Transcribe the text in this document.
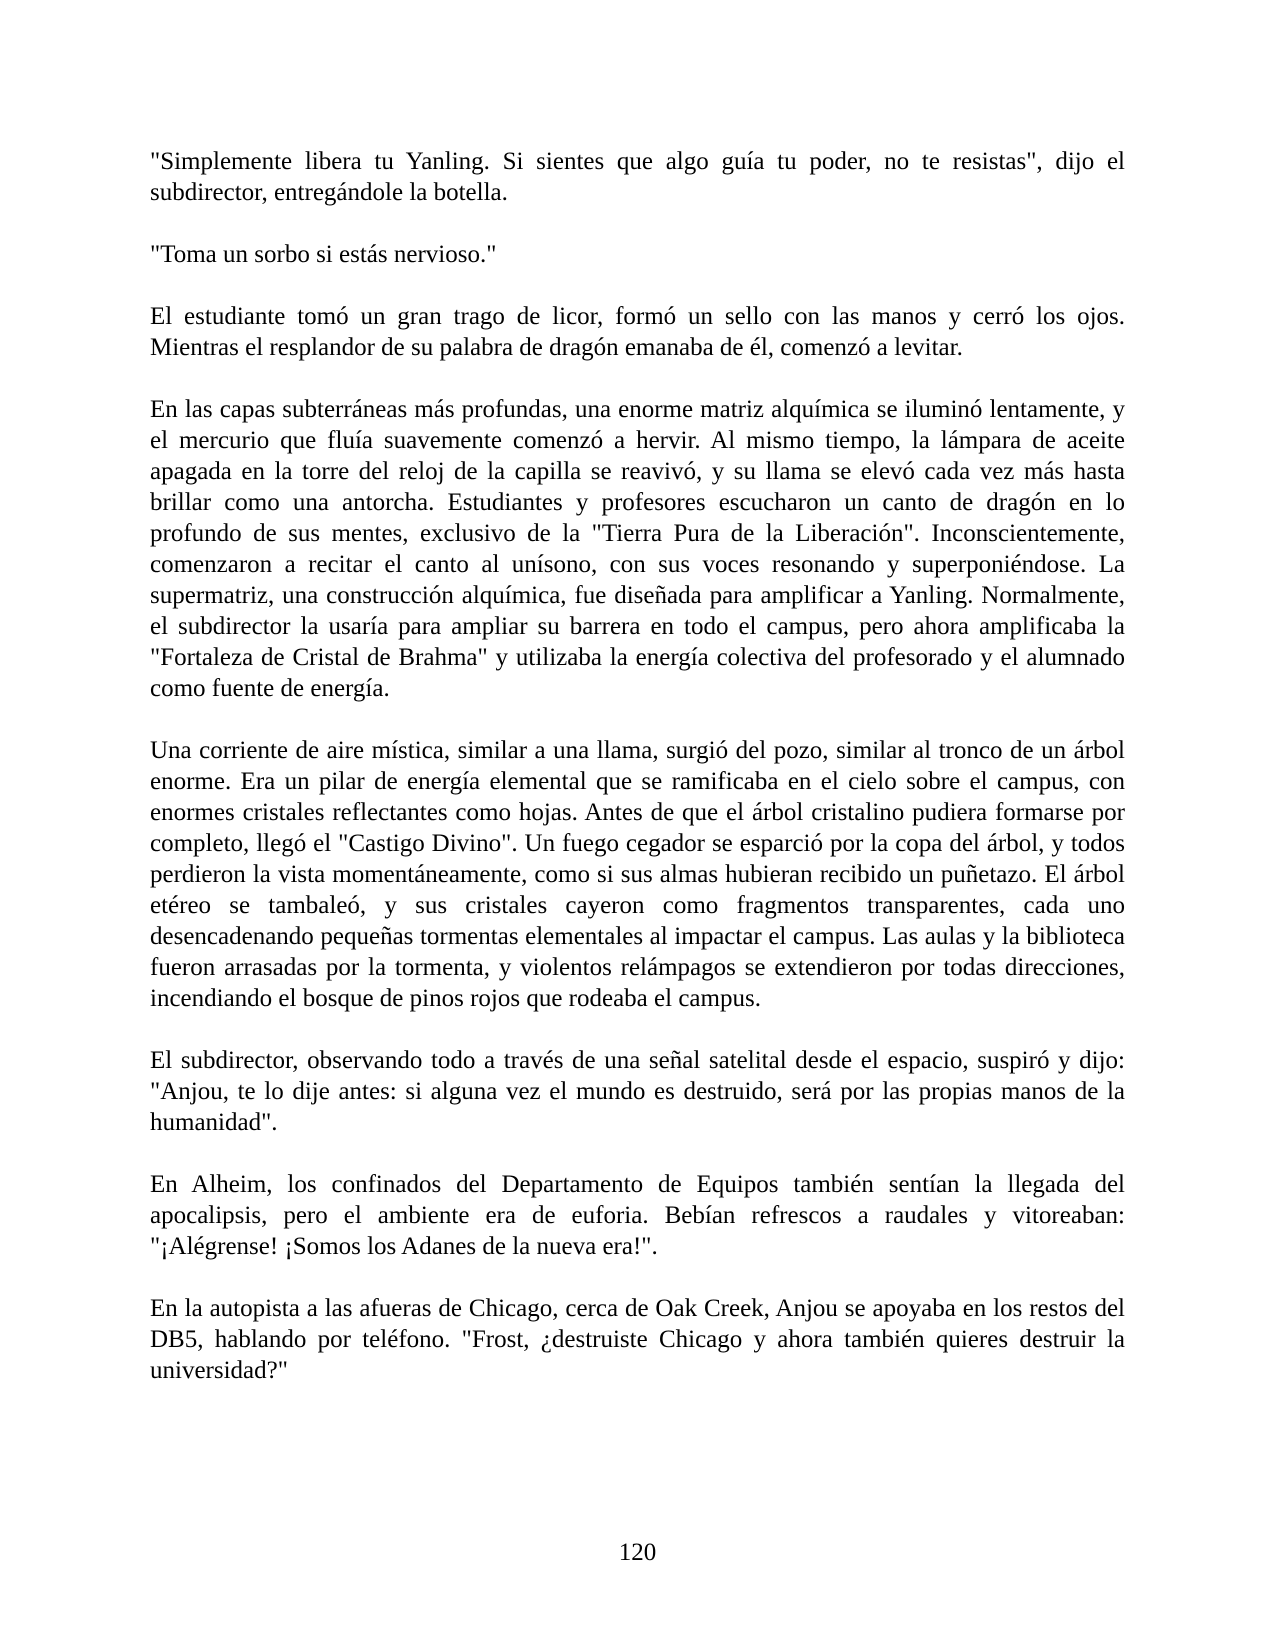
"Simplemente libera tu Yanling. Si sientes que algo guía tu poder, no te resistas", dijo el subdirector, entregándole la botella.

"Toma un sorbo si estás nervioso."

El estudiante tomó un gran trago de licor, formó un sello con las manos y cerró los ojos. Mientras el resplandor de su palabra de dragón emanaba de él, comenzó a levitar.

En las capas subterráneas más profundas, una enorme matriz alquímica se iluminó lentamente, y el mercurio que fluía suavemente comenzó a hervir. Al mismo tiempo, la lámpara de aceite apagada en la torre del reloj de la capilla se reavivó, y su llama se elevó cada vez más hasta brillar como una antorcha. Estudiantes y profesores escucharon un canto de dragón en lo profundo de sus mentes, exclusivo de la "Tierra Pura de la Liberación". Inconscientemente, comenzaron a recitar el canto al unísono, con sus voces resonando y superponiéndose. La supermatriz, una construcción alquímica, fue diseñada para amplificar a Yanling. Normalmente, el subdirector la usaría para ampliar su barrera en todo el campus, pero ahora amplificaba la "Fortaleza de Cristal de Brahma" y utilizaba la energía colectiva del profesorado y el alumnado como fuente de energía.

Una corriente de aire mística, similar a una llama, surgió del pozo, similar al tronco de un árbol enorme. Era un pilar de energía elemental que se ramificaba en el cielo sobre el campus, con enormes cristales reflectantes como hojas. Antes de que el árbol cristalino pudiera formarse por completo, llegó el "Castigo Divino". Un fuego cegador se esparció por la copa del árbol, y todos perdieron la vista momentáneamente, como si sus almas hubieran recibido un puñetazo. El árbol etéreo se tambaleó, y sus cristales cayeron como fragmentos transparentes, cada uno desencadenando pequeñas tormentas elementales al impactar el campus. Las aulas y la biblioteca fueron arrasadas por la tormenta, y violentos relámpagos se extendieron por todas direcciones, incendiando el bosque de pinos rojos que rodeaba el campus.

El subdirector, observando todo a través de una señal satelital desde el espacio, suspiró y dijo: "Anjou, te lo dije antes: si alguna vez el mundo es destruido, será por las propias manos de la humanidad".

En Alheim, los confinados del Departamento de Equipos también sentían la llegada del apocalipsis, pero el ambiente era de euforia. Bebían refrescos a raudales y vitoreaban: "¡Alégrense! ¡Somos los Adanes de la nueva era!".

En la autopista a las afueras de Chicago, cerca de Oak Creek, Anjou se apoyaba en los restos del DB5, hablando por teléfono. "Frost, ¿destruiste Chicago y ahora también quieres destruir la universidad?"

120
